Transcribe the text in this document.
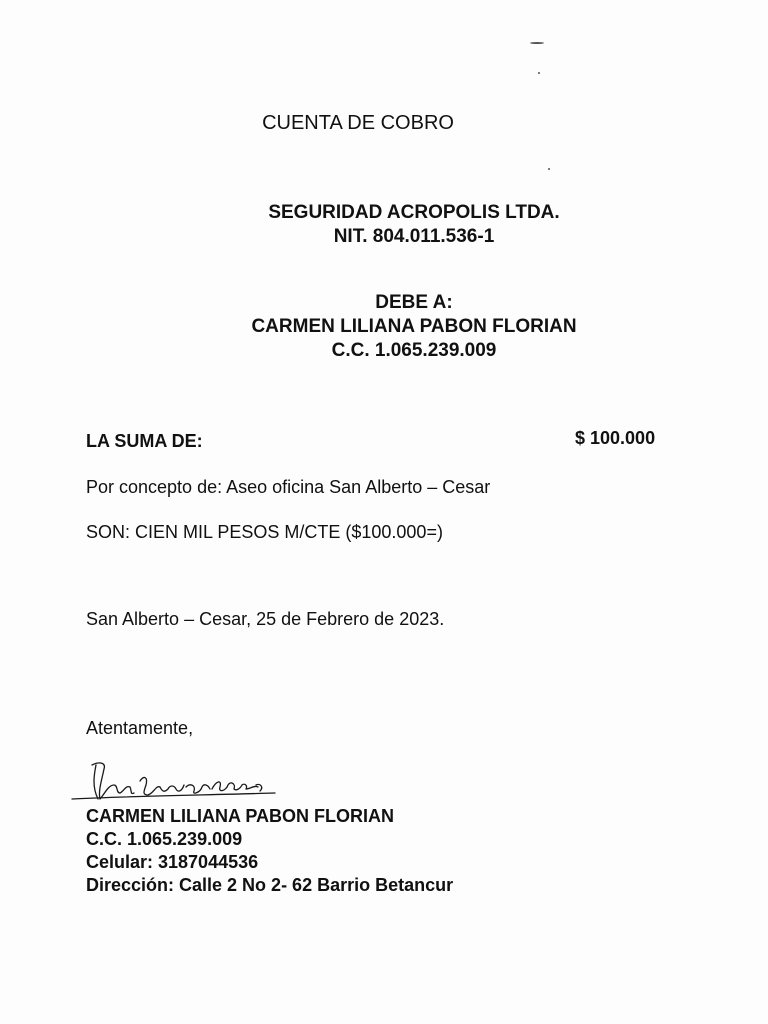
CUENTA DE COBRO
SEGURIDAD ACROPOLIS LTDA.
NIT. 804.011.536-1
DEBE A:
CARMEN LILIANA PABON FLORIAN
C.C. 1.065.239.009
LA SUMA DE:	$ 100.000
Por concepto de: Aseo oficina San Alberto – Cesar
SON: CIEN MIL PESOS M/CTE ($100.000=)
San Alberto – Cesar, 25 de Febrero de 2023.
Atentamente,
CARMEN LILIANA PABON FLORIAN
C.C. 1.065.239.009
Celular: 3187044536
Dirección: Calle 2 No 2- 62 Barrio Betancur
